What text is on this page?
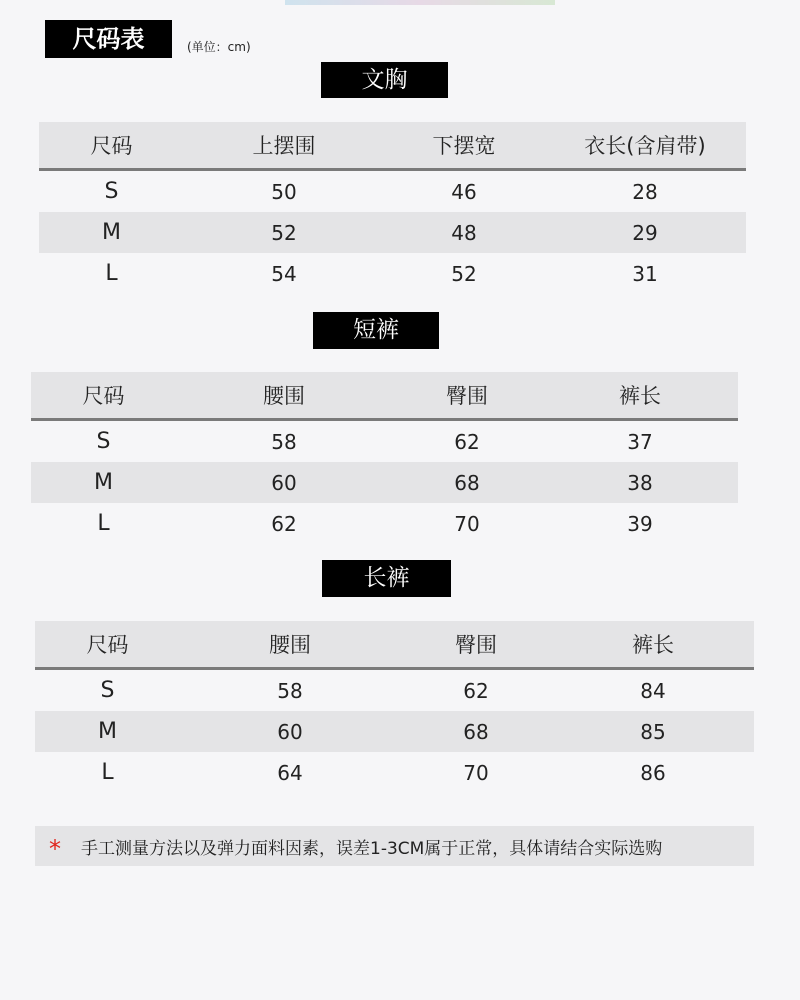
尺码表	(单位：cm)
文胸
尺码	上摆围	下摆宽	衣长(含肩带)
S	50	46	28
M	52	48	29
L	54	52	31
短裤
尺码	腰围	臀围	裤长
S	58	62	37
M	60	68	38
L	62	70	39
长裤
尺码	腰围	臀围	裤长
S	58	62	84
M	60	68	85
L	64	70	86
*	手工测量方法以及弹力面料因素，误差1-3CM属于正常，具体请结合实际选购
